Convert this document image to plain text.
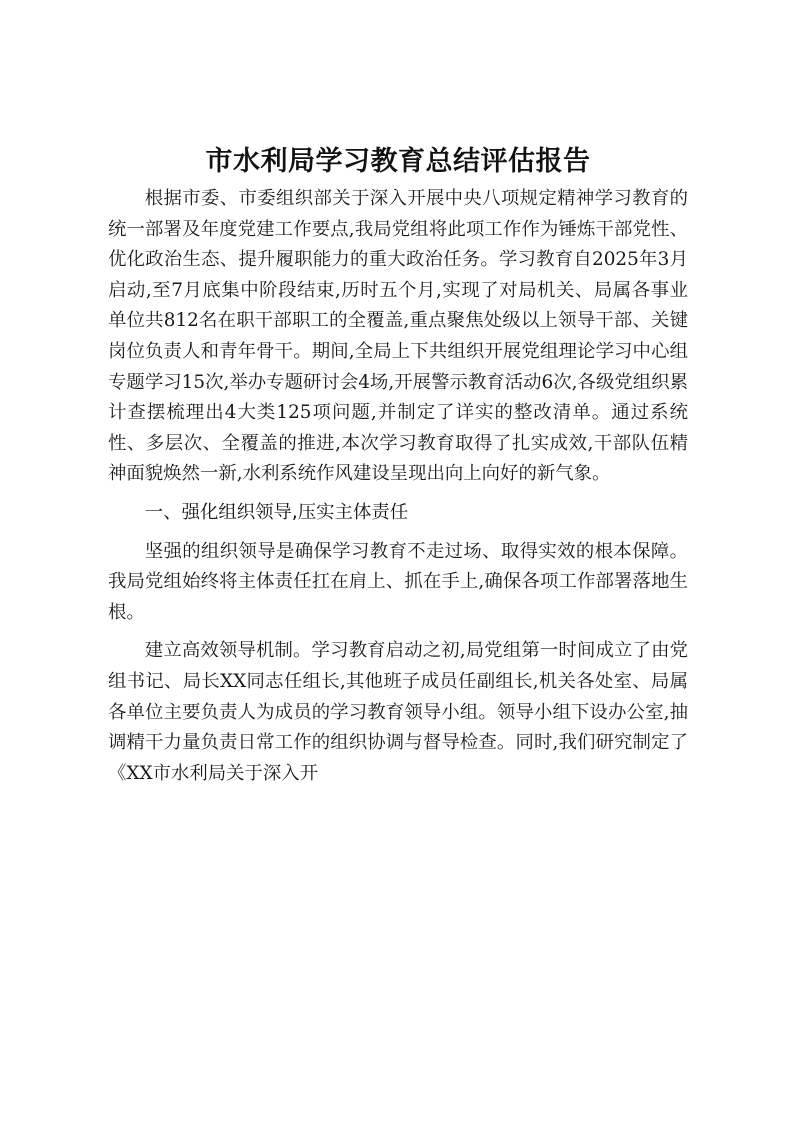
市水利局学习教育总结评估报告

根据市委、市委组织部关于深入开展中央八项规定精神学习教育的统一部署及年度党建工作要点,我局党组将此项工作作为锤炼干部党性、优化政治生态、提升履职能力的重大政治任务。学习教育自2025年3月启动,至7月底集中阶段结束,历时五个月,实现了对局机关、局属各事业单位共812名在职干部职工的全覆盖,重点聚焦处级以上领导干部、关键岗位负责人和青年骨干。期间,全局上下共组织开展党组理论学习中心组专题学习15次,举办专题研讨会4场,开展警示教育活动6次,各级党组织累计查摆梳理出4大类125项问题,并制定了详实的整改清单。通过系统性、多层次、全覆盖的推进,本次学习教育取得了扎实成效,干部队伍精神面貌焕然一新,水利系统作风建设呈现出向上向好的新气象。

一、强化组织领导,压实主体责任

坚强的组织领导是确保学习教育不走过场、取得实效的根本保障。我局党组始终将主体责任扛在肩上、抓在手上,确保各项工作部署落地生根。

建立高效领导机制。学习教育启动之初,局党组第一时间成立了由党组书记、局长XX同志任组长,其他班子成员任副组长,机关各处室、局属各单位主要负责人为成员的学习教育领导小组。领导小组下设办公室,抽调精干力量负责日常工作的组织协调与督导检查。同时,我们研究制定了《XX市水利局关于深入开
